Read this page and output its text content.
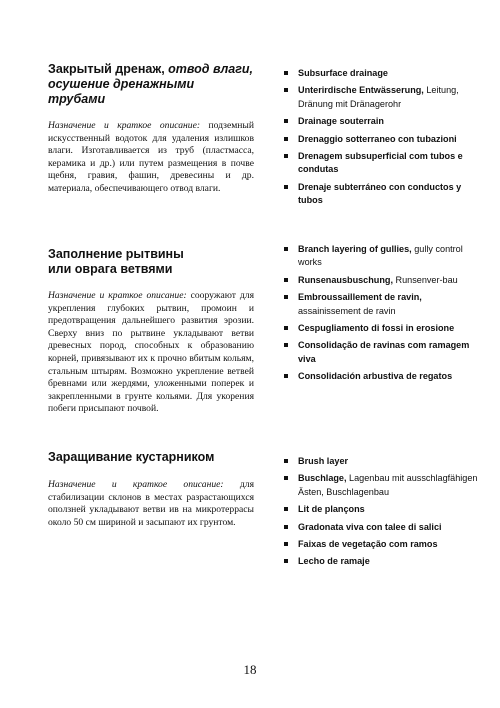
Закрытый дренаж, отвод влаги, осушение дренажными трубами

Назначение и краткое описание: подземный искусственный водоток для удаления излишков влаги. Изготавливается из труб (пластмасса, керамика и др.) или путем размещения в почве щебня, гравия, фашин, древесины и др. материала, обеспечивающего отвод влаги.

Subsurface drainage
Unterirdische Entwässerung, Leitung, Dränung mit Dränagerohr
Drainage souterrain
Drenaggio sotterraneo con tubazioni
Drenagem subsuperficial com tubos e condutas
Drenaje subterráneo con conductos y tubos

Заполнение рытвины или оврага ветвями

Назначение и краткое описание: сооружают для укрепления глубоких рытвин, промоин и предотвращения дальнейшего развития эрозии. Сверху вниз по рытвине укладывают ветви древесных пород, способных к образованию корней, привязывают их к прочно вбитым кольям, стальным штырям. Возможно укрепление ветвей бревнами или жердями, уложенными поперек и закрепленными в грунте кольями. Для укорения побеги присыпают почвой.

Branch layering of gullies, gully control works
Runsenausbuschung, Runsenver-bau
Embroussaillement de ravin, assainissement de ravin
Cespugliamento di fossi in erosione
Consolidação de ravinas com ramagem viva
Consolidación arbustiva de regatos

Заращивание кустарником

Назначение и краткое описание: для стабилизации склонов в местах разрастающихся оползней укладывают ветви ив на микротеррасы около 50 см шириной и засыпают их грунтом.

Brush layer
Buschlage, Lagenbau mit ausschlagfähigen Ästen, Buschlagenbau
Lit de plançons
Gradonata viva con talee di salici
Faixas de vegetação com ramos
Lecho de ramaje
18
